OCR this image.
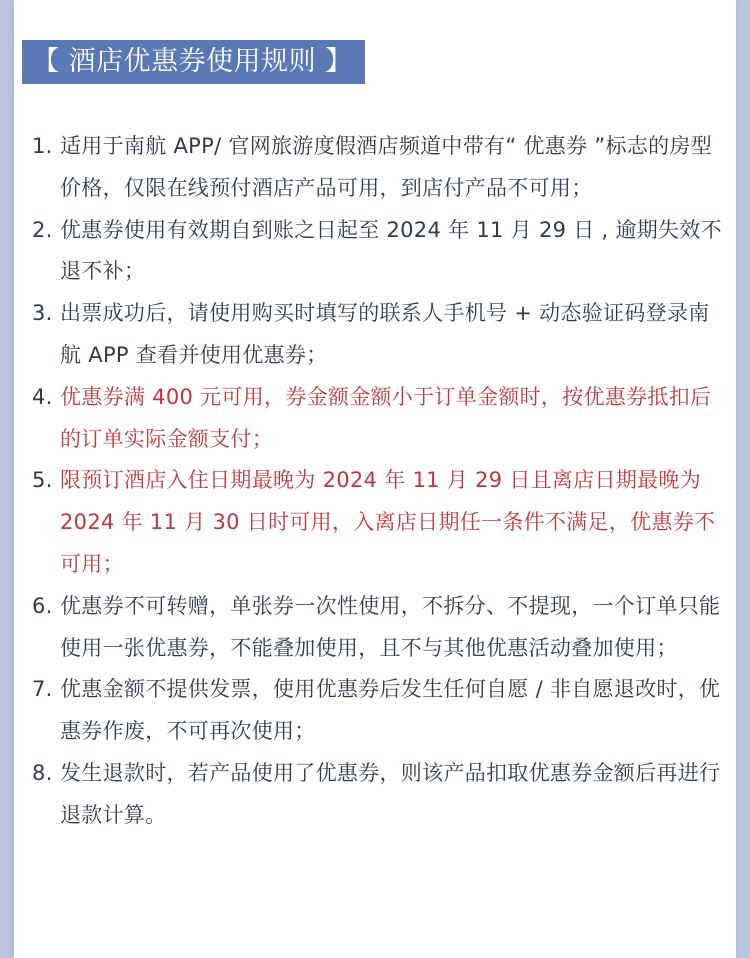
【 酒店优惠券使用规则 】
1. 适用于南航 APP/ 官网旅游度假酒店频道中带有“ 优惠券 ”标志的房型价格，仅限在线预付酒店产品可用，到店付产品不可用；
2. 优惠券使用有效期自到账之日起至 2024 年 11 月 29 日 , 逾期失效不退不补；
3. 出票成功后，请使用购买时填写的联系人手机号 + 动态验证码登录南航 APP 查看并使用优惠券；
4. 优惠券满 400 元可用，券金额金额小于订单金额时，按优惠券抵扣后的订单实际金额支付；
5. 限预订酒店入住日期最晚为 2024 年 11 月 29 日且离店日期最晚为 2024 年 11 月 30 日时可用，入离店日期任一条件不满足，优惠券不可用；
6. 优惠券不可转赠，单张券一次性使用，不拆分、不提现，一个订单只能使用一张优惠券，不能叠加使用，且不与其他优惠活动叠加使用；
7. 优惠金额不提供发票，使用优惠券后发生任何自愿 / 非自愿退改时，优惠券作废，不可再次使用；
8. 发生退款时，若产品使用了优惠券，则该产品扣取优惠券金额后再进行退款计算。
